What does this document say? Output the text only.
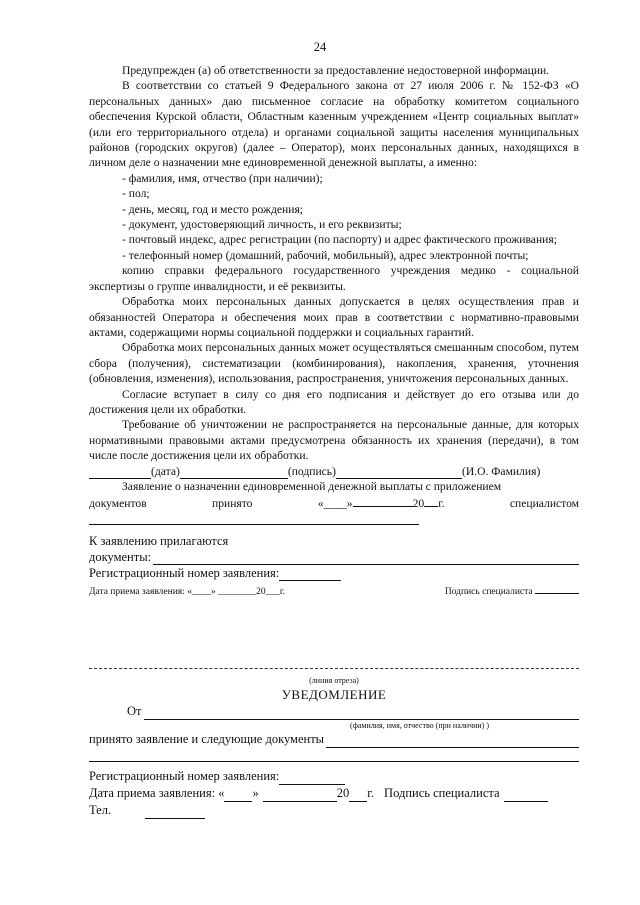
24

Предупрежден (а) об ответственности за предоставление недостоверной информации.

В соответствии со статьей 9 Федерального закона от 27 июля 2006 г. № 152-ФЗ «О персональных данных» даю письменное согласие на обработку комитетом социального обеспечения Курской области, Областным казенным учреждением «Центр социальных выплат» (или его территориального отдела) и органами социальной защиты населения муниципальных районов (городских округов) (далее – Оператор), моих персональных данных, находящихся в личном деле о назначении мне единовременной денежной выплаты, а именно:

- фамилия, имя, отчество (при наличии);

- пол;

- день, месяц, год и место рождения;

- документ, удостоверяющий личность, и его реквизиты;

- почтовый индекс, адрес регистрации (по паспорту) и адрес фактического проживания;

- телефонный номер (домашний, рабочий, мобильный), адрес электронной почты;

копию справки федерального государственного учреждения медико - социальной экспертизы о группе инвалидности, и её реквизиты.

Обработка моих персональных данных допускается в целях осуществления прав и обязанностей Оператора и обеспечения моих прав в соответствии с нормативно-правовыми актами, содержащими нормы социальной поддержки и социальных гарантий.

Обработка моих персональных данных может осуществляться смешанным способом, путем сбора (получения), систематизации (комбинирования), накопления, хранения, уточнения (обновления, изменения), использования, распространения, уничтожения персональных данных.

Согласие вступает в силу со дня его подписания и действует до его отзыва или до достижения цели их обработки.

Требование об уничтожении не распространяется на персональные данные, для которых нормативными правовыми актами предусмотрена обязанность их хранения (передачи), в том числе после достижения цели их обработки.

(дата)	(подпись)	(И.О. Фамилия)

Заявление о назначении единовременной денежной выплаты с приложением

документов	принято	«____»	20 г.	специалистом
К заявлению прилагаются
документы:
Регистрационный номер заявления:
Дата приема заявления: «____» ________20___г.	Подпись специалиста
(линия отреза)
УВЕДОМЛЕНИЕ
От
(фамилия, имя, отчество (при наличии) )
принято заявление и следующие документы
Регистрационный номер заявления:
Дата приема заявления: « »	20 г. Подпись специалиста
Тел.
